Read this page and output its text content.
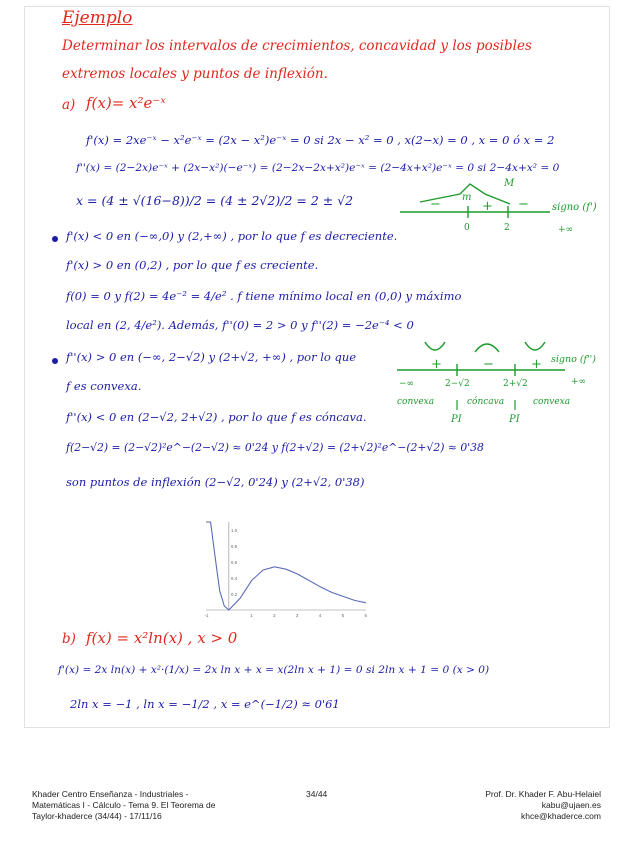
Ejemplo
Determinar los intervalos de crecimientos, concavidad y los posibles
extremos locales y puntos de inflexión.
a) f(x)= x²e⁻ˣ
f'(x) = 2xe⁻ˣ − x²e⁻ˣ = (2x − x²)e⁻ˣ = 0 si 2x − x² = 0 , x(2−x) = 0 , x = 0 ó x = 2
f''(x) = (2−2x)e⁻ˣ + (2x−x²)(−e⁻ˣ) = (2−2x−2x+x²)e⁻ˣ = (2−4x+x²)e⁻ˣ = 0 si 2−4x+x² = 0
x = (4 ± √(16−8))/2 = (4 ± 2√2)/2 = 2 ± √2	−	+ −
m
M
0	2	+∞
signo (f')
f'(x) < 0 en (−∞,0) y (2,+∞) , por lo que f es decreciente.
f'(x) > 0 en (0,2) , por lo que f es creciente.
f(0) = 0 y f(2) = 4e⁻² = 4/e² . f tiene mínimo local en (0,0) y máximo
local en (2, 4/e²). Además, f''(0) = 2 > 0 y f''(2) = −2e⁻⁴ < 0
f''(x) > 0 en (−∞, 2−√2) y (2+√2, +∞) , por lo que
f es convexa.
f''(x) < 0 en (2−√2, 2+√2) , por lo que f es cóncava.
f(2−√2) = (2−√2)²e^−(2−√2) ≈ 0'24 y f(2+√2) = (2+√2)²e^−(2+√2) ≈ 0'38
son puntos de inflexión (2−√2, 0'24) y (2+√2, 0'38)
+	−	+ signo (f'')
−∞	2−√2	2+√2	+∞
convexa	cóncava	convexa
PI	PI
0.2
0.4
0.6
0.8
1.0
-1	1	2	3	4	5	6
b) f(x) = x²ln(x) , x > 0
f'(x) = 2x ln(x) + x²·(1/x) = 2x ln x + x = x(2ln x + 1) = 0 si 2ln x + 1 = 0 (x > 0)
2ln x = −1 , ln x = −1/2 , x = e^(−1/2) ≈ 0'61
Khader Centro Enseñanza - Industriales -
Matemáticas I - Cálculo - Tema 9. El Teorema de
Taylor-khaderce (34/44) - 17/11/16
34/44	Prof. Dr. Khader F. Abu-Helaiel
kabu@ujaen.es
khce@khaderce.com
